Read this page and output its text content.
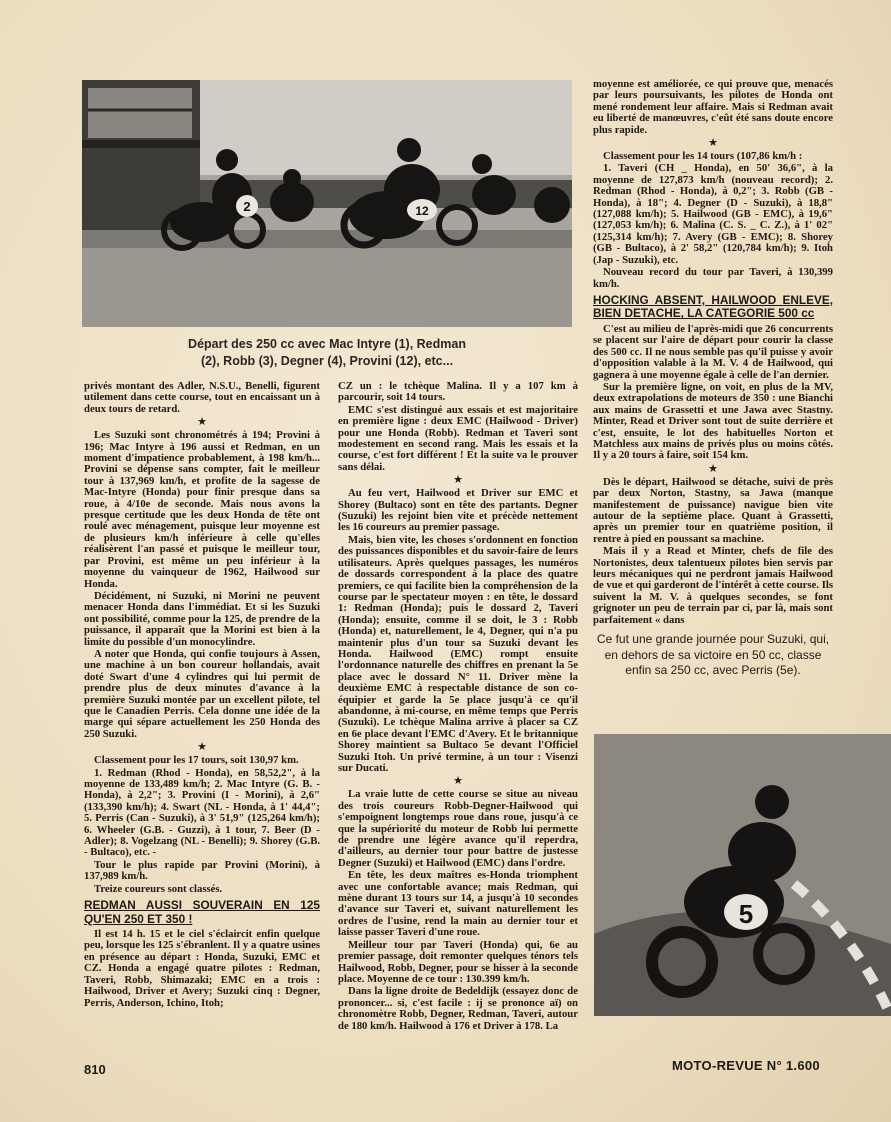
2	12
Départ des 250 cc avec Mac Intyre (1), Redman
(2), Robb (3), Degner (4), Provini (12), etc...

privés montant des Adler, N.S.U., Benelli, figurent utilement dans cette course, tout en encaissant un à deux tours de retard.

★

Les Suzuki sont chronométrés à 194; Provini à 196; Mac Intyre à 196 aussi et Redman, en un moment d'impatience probablement, à 198 km/h... Provini se dépense sans compter, fait le meilleur tour à 137,969 km/h, et profite de la sagesse de Mac-Intyre (Honda) pour finir presque dans sa roue, à 4/10e de seconde. Mais nous avons la presque certitude que les deux Honda de tête ont roulé avec ménagement, puisque leur moyenne est de plusieurs km/h inférieure à celle qu'elles réalisèrent l'an passé et puisque le meilleur tour, par Provini, est même un peu inférieur à la moyenne du vainqueur de 1962, Hailwood sur Honda.

Décidément, ni Suzuki, ni Morini ne peuvent menacer Honda dans l'immédiat. Et si les Suzuki ont possibilité, comme pour la 125, de prendre de la puissance, il apparaît que la Morini est bien à la limite du possible d'un monocylindre.

A noter que Honda, qui confie toujours à Assen, une machine à un bon coureur hollandais, avait doté Swart d'une 4 cylindres qui lui permit de prendre plus de deux minutes d'avance à la première Suzuki montée par un excellent pilote, tel que le Canadien Perris. Cela donne une idée de la marge qui sépare actuellement les 250 Honda des 250 Suzuki.

★

Classement pour les 17 tours, soit 130,97 km.

1. Redman (Rhod - Honda), en 58,52,2", à la moyenne de 133,489 km/h; 2. Mac Intyre (G. B. - Honda), à 2,2"; 3. Provini (I - Morini), à 2,6" (133,390 km/h); 4. Swart (NL - Honda, à 1' 44,4"; 5. Perris (Can - Suzuki), à 3' 51,9" (125,264 km/h); 6. Wheeler (G.B. - Guzzi), à 1 tour, 7. Beer (D - Adler); 8. Vogelzang (NL - Benelli); 9. Shorey (G.B. - Bultaco), etc. -

Tour le plus rapide par Provini (Morini), à 137,989 km/h.

Treize coureurs sont classés.

REDMAN AUSSI SOUVERAIN EN 125 QU'EN 250 ET 350 !

Il est 14 h. 15 et le ciel s'éclaircit enfin quelque peu, lorsque les 125 s'ébranlent. Il y a quatre usines en présence au départ : Honda, Suzuki, EMC et CZ. Honda a engagé quatre pilotes : Redman, Taveri, Robb, Shimazaki; EMC en a trois : Hailwood, Driver et Avery; Suzuki cinq : Degner, Perris, Anderson, Ichino, Itoh;

CZ un : le tchèque Malina. Il y a 107 km à parcourir, soit 14 tours.

EMC s'est distingué aux essais et est majoritaire en première ligne : deux EMC (Hailwood - Driver) pour une Honda (Robb). Redman et Taveri sont modestement en second rang. Mais les essais et la course, c'est fort différent ! Et la suite va le prouver sans délai.

★

Au feu vert, Hailwood et Driver sur EMC et Shorey (Bultaco) sont en tête des partants. Degner (Suzuki) les rejoint bien vite et précède nettement les 16 coureurs au premier passage.

Mais, bien vite, les choses s'ordonnent en fonction des puissances disponibles et du savoir-faire de leurs utilisateurs. Après quelques passages, les numéros de dossards correspondent à la place des quatre premiers, ce qui facilite bien la compréhension de la course par le spectateur moyen : en tête, le dossard 1: Redman (Honda); puis le dossard 2, Taveri (Honda); ensuite, comme il se doit, le 3 : Robb (Honda) et, naturellement, le 4, Degner, qui n'a pu maintenir plus d'un tour sa Suzuki devant les Honda. Hailwood (EMC) rompt ensuite l'ordonnance naturelle des chiffres en prenant la 5e place avec le dossard N° 11. Driver mène la deuxième EMC à respectable distance de son co-équipier et garde la 5e place jusqu'à ce qu'il abandonne, à mi-course, en même temps que Perris (Suzuki). Le tchèque Malina arrive à placer sa CZ en 6e place devant l'EMC d'Avery. Et le britannique Shorey maintient sa Bultaco 5e devant l'Officiel Suzuki Itoh. Un privé termine, à un tour : Visenzi sur Ducati.

★

La vraie lutte de cette course se situe au niveau des trois coureurs Robb-Degner-Hailwood qui s'empoignent longtemps roue dans roue, jusqu'à ce que la supériorité du moteur de Robb lui permette de prendre une légère avance qu'il reperdra, d'ailleurs, au dernier tour pour battre de justesse Degner (Suzuki) et Hailwood (EMC) dans l'ordre.

En tête, les deux maîtres es-Honda triomphent avec une confortable avance; mais Redman, qui mène durant 13 tours sur 14, a jusqu'à 10 secondes d'avance sur Taveri et, suivant naturellement les ordres de l'usine, rend la main au dernier tour et laisse passer Taveri d'une roue.

Meilleur tour par Taveri (Honda) qui, 6e au premier passage, doit remonter quelques ténors tels Hailwood, Robb, Degner, pour se hisser à la seconde place. Moyenne de ce tour : 130.399 km/h.

Dans la ligne droite de Bedeldijk (essayez donc de prononcer... si, c'est facile : ij se prononce aï) on chronomètre Robb, Degner, Redman, Taveri, autour de 180 km/h. Hailwood à 176 et Driver à 178. La

moyenne est améliorée, ce qui prouve que, menacés par leurs poursuivants, les pilotes de Honda ont mené rondement leur affaire. Mais si Redman avait eu liberté de manœuvres, c'eût été sans doute encore plus rapide.

★

Classement pour les 14 tours (107,86 km/h :

1. Taveri (CH _ Honda), en 50' 36,6", à la moyenne de 127,873 km/h (nouveau record); 2. Redman (Rhod - Honda), à 0,2"; 3. Robb (GB - Honda), à 18"; 4. Degner (D - Suzuki), à 18,8" (127,088 km/h); 5. Hailwood (GB - EMC), à 19,6" (127,053 km/h); 6. Malina (C. S. _ C. Z.), à 1' 02" (125,314 km/h); 7. Avery (GB - EMC); 8. Shorey (GB - Bultaco), à 2' 58,2" (120,784 km/h); 9. Itoh (Jap - Suzuki), etc.

Nouveau record du tour par Taveri, à 130,399 km/h.

HOCKING ABSENT, HAILWOOD ENLEVE, BIEN DETACHE, LA CATEGORIE 500 cc

C'est au milieu de l'après-midi que 26 concurrents se placent sur l'aire de départ pour courir la classe des 500 cc. Il ne nous semble pas qu'il puisse y avoir d'opposition valable à la M. V. 4 de Hailwood, qui gagnera à une moyenne égale à celle de l'an dernier.

Sur la première ligne, on voit, en plus de la MV, deux extrapolations de moteurs de 350 : une Bianchi aux mains de Grassetti et une Jawa avec Stastny. Minter, Read et Driver sont tout de suite derrière et c'est, ensuite, le lot des habituelles Norton et Matchless aux mains de privés plus ou moins côtés. Il y a 20 tours à faire, soit 154 km.

★

Dès le départ, Hailwood se détache, suivi de près par deux Norton, Stastny, sa Jawa (manque manifestement de puissance) navigue bien vite autour de la septième place. Quant à Grassetti, après un premier tour en quatrième position, il rentre à pied en poussant sa machine.

Mais il y a Read et Minter, chefs de file des Nortonistes, deux talentueux pilotes bien servis par leurs mécaniques qui ne perdront jamais Hailwood de vue et qui garderont de l'intérêt à cette course. Ils suivent la M. V. à quelques secondes, se font grignoter un peu de terrain par ci, par là, mais sont parfaitement « dans

Ce fut une grande journée pour Suzuki, qui, en dehors de sa victoire en 50 cc, classe enfin sa 250 cc, avec Perris (5e).
5
810	MOTO-REVUE N° 1.600
